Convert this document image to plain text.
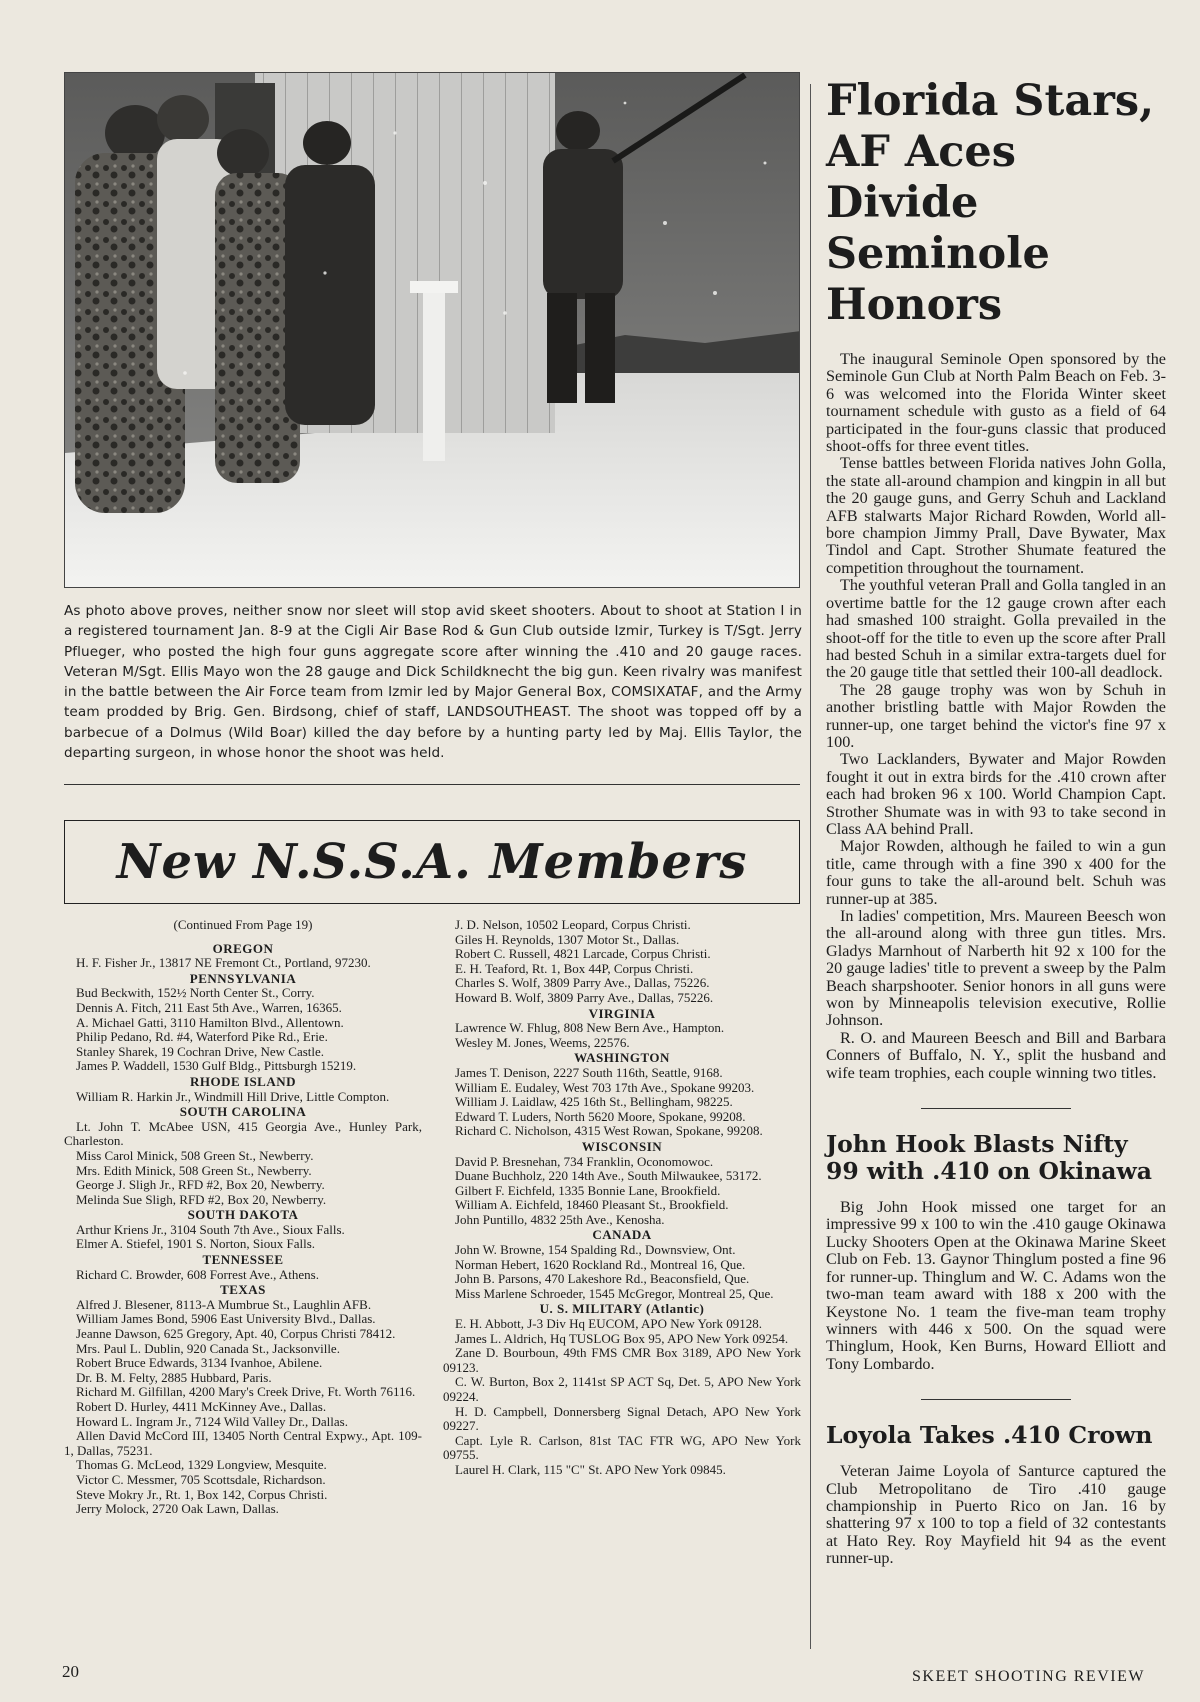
As photo above proves, neither snow nor sleet will stop avid skeet shooters. About to shoot at Station I in a registered tournament Jan. 8-9 at the Cigli Air Base Rod & Gun Club outside Izmir, Turkey is T/Sgt. Jerry Pflueger, who posted the high four guns aggregate score after winning the .410 and 20 gauge races. Veteran M/Sgt. Ellis Mayo won the 28 gauge and Dick Schildknecht the big gun. Keen rivalry was manifest in the battle between the Air Force team from Izmir led by Major General Box, COMSIXATAF, and the Army team prodded by Brig. Gen. Birdsong, chief of staff, LANDSOUTHEAST. The shoot was topped off by a barbecue of a Dolmus (Wild Boar) killed the day before by a hunting party led by Maj. Ellis Taylor, the departing surgeon, in whose honor the shoot was held.

New N.S.S.A. Members
(Continued From Page 19)
OREGON
H. F. Fisher Jr., 13817 NE Fremont Ct., Portland, 97230.
PENNSYLVANIA
Bud Beckwith, 152½ North Center St., Corry.
Dennis A. Fitch, 211 East 5th Ave., Warren, 16365.
A. Michael Gatti, 3110 Hamilton Blvd., Allentown.
Philip Pedano, Rd. #4, Waterford Pike Rd., Erie.
Stanley Sharek, 19 Cochran Drive, New Castle.
James P. Waddell, 1530 Gulf Bldg., Pittsburgh 15219.
RHODE ISLAND
William R. Harkin Jr., Windmill Hill Drive, Little Compton.
SOUTH CAROLINA
Lt. John T. McAbee USN, 415 Georgia Ave., Hunley Park, Charleston.
Miss Carol Minick, 508 Green St., Newberry.
Mrs. Edith Minick, 508 Green St., Newberry.
George J. Sligh Jr., RFD #2, Box 20, Newberry.
Melinda Sue Sligh, RFD #2, Box 20, Newberry.
SOUTH DAKOTA
Arthur Kriens Jr., 3104 South 7th Ave., Sioux Falls.
Elmer A. Stiefel, 1901 S. Norton, Sioux Falls.
TENNESSEE
Richard C. Browder, 608 Forrest Ave., Athens.
TEXAS
Alfred J. Blesener, 8113-A Mumbrue St., Laughlin AFB.
William James Bond, 5906 East University Blvd., Dallas.
Jeanne Dawson, 625 Gregory, Apt. 40, Corpus Christi 78412.
Mrs. Paul L. Dublin, 920 Canada St., Jacksonville.
Robert Bruce Edwards, 3134 Ivanhoe, Abilene.
Dr. B. M. Felty, 2885 Hubbard, Paris.
Richard M. Gilfillan, 4200 Mary's Creek Drive, Ft. Worth 76116.
Robert D. Hurley, 4411 McKinney Ave., Dallas.
Howard L. Ingram Jr., 7124 Wild Valley Dr., Dallas.
Allen David McCord III, 13405 North Central Expwy., Apt. 109-1, Dallas, 75231.
Thomas G. McLeod, 1329 Longview, Mesquite.
Victor C. Messmer, 705 Scottsdale, Richardson.
Steve Mokry Jr., Rt. 1, Box 142, Corpus Christi.
Jerry Molock, 2720 Oak Lawn, Dallas.
J. D. Nelson, 10502 Leopard, Corpus Christi.
Giles H. Reynolds, 1307 Motor St., Dallas.
Robert C. Russell, 4821 Larcade, Corpus Christi.
E. H. Teaford, Rt. 1, Box 44P, Corpus Christi.
Charles S. Wolf, 3809 Parry Ave., Dallas, 75226.
Howard B. Wolf, 3809 Parry Ave., Dallas, 75226.
VIRGINIA
Lawrence W. Fhlug, 808 New Bern Ave., Hampton.
Wesley M. Jones, Weems, 22576.
WASHINGTON
James T. Denison, 2227 South 116th, Seattle, 9168.
William E. Eudaley, West 703 17th Ave., Spokane 99203.
William J. Laidlaw, 425 16th St., Bellingham, 98225.
Edward T. Luders, North 5620 Moore, Spokane, 99208.
Richard C. Nicholson, 4315 West Rowan, Spokane, 99208.
WISCONSIN
David P. Bresnehan, 734 Franklin, Oconomowoc.
Duane Buchholz, 220 14th Ave., South Milwaukee, 53172.
Gilbert F. Eichfeld, 1335 Bonnie Lane, Brookfield.
William A. Eichfeld, 18460 Pleasant St., Brookfield.
John Puntillo, 4832 25th Ave., Kenosha.
CANADA
John W. Browne, 154 Spalding Rd., Downsview, Ont.
Norman Hebert, 1620 Rockland Rd., Montreal 16, Que.
John B. Parsons, 470 Lakeshore Rd., Beaconsfield, Que.
Miss Marlene Schroeder, 1545 McGregor, Montreal 25, Que.
U. S. MILITARY (Atlantic)
E. H. Abbott, J-3 Div Hq EUCOM, APO New York 09128.
James L. Aldrich, Hq TUSLOG Box 95, APO New York 09254.
Zane D. Bourboun, 49th FMS CMR Box 3189, APO New York 09123.
C. W. Burton, Box 2, 1141st SP ACT Sq, Det. 5, APO New York 09224.
H. D. Campbell, Donnersberg Signal Detach, APO New York 09227.
Capt. Lyle R. Carlson, 81st TAC FTR WG, APO New York 09755.
Laurel H. Clark, 115 "C" St. APO New York 09845.
Florida Stars, AF Aces Divide Seminole Honors

The inaugural Seminole Open sponsored by the Seminole Gun Club at North Palm Beach on Feb. 3-6 was welcomed into the Florida Winter skeet tournament schedule with gusto as a field of 64 participated in the four-guns classic that produced shoot-offs for three event titles.

Tense battles between Florida natives John Golla, the state all-around champion and kingpin in all but the 20 gauge guns, and Gerry Schuh and Lackland AFB stalwarts Major Richard Rowden, World all-bore champion Jimmy Prall, Dave Bywater, Max Tindol and Capt. Strother Shumate featured the competition throughout the tournament.

The youthful veteran Prall and Golla tangled in an overtime battle for the 12 gauge crown after each had smashed 100 straight. Golla prevailed in the shoot-off for the title to even up the score after Prall had bested Schuh in a similar extra-targets duel for the 20 gauge title that settled their 100-all deadlock.

The 28 gauge trophy was won by Schuh in another bristling battle with Major Rowden the runner-up, one target behind the victor's fine 97 x 100.

Two Lacklanders, Bywater and Major Rowden fought it out in extra birds for the .410 crown after each had broken 96 x 100. World Champion Capt. Strother Shumate was in with 93 to take second in Class AA behind Prall.

Major Rowden, although he failed to win a gun title, came through with a fine 390 x 400 for the four guns to take the all-around belt. Schuh was runner-up at 385.

In ladies' competition, Mrs. Maureen Beesch won the all-around along with three gun titles. Mrs. Gladys Marnhout of Narberth hit 92 x 100 for the 20 gauge ladies' title to prevent a sweep by the Palm Beach sharpshooter. Senior honors in all guns were won by Minneapolis television executive, Rollie Johnson.

R. O. and Maureen Beesch and Bill and Barbara Conners of Buffalo, N. Y., split the husband and wife team trophies, each couple winning two titles.

John Hook Blasts Nifty 99 with .410 on Okinawa

Big John Hook missed one target for an impressive 99 x 100 to win the .410 gauge Okinawa Lucky Shooters Open at the Okinawa Marine Skeet Club on Feb. 13. Gaynor Thinglum posted a fine 96 for runner-up. Thinglum and W. C. Adams won the two-man team award with 188 x 200 with the Keystone No. 1 team the five-man team trophy winners with 446 x 500. On the squad were Thinglum, Hook, Ken Burns, Howard Elliott and Tony Lombardo.

Loyola Takes .410 Crown

Veteran Jaime Loyola of Santurce captured the Club Metropolitano de Tiro .410 gauge championship in Puerto Rico on Jan. 16 by shattering 97 x 100 to top a field of 32 contestants at Hato Rey. Roy Mayfield hit 94 as the event runner-up.

20	SKEET SHOOTING REVIEW
